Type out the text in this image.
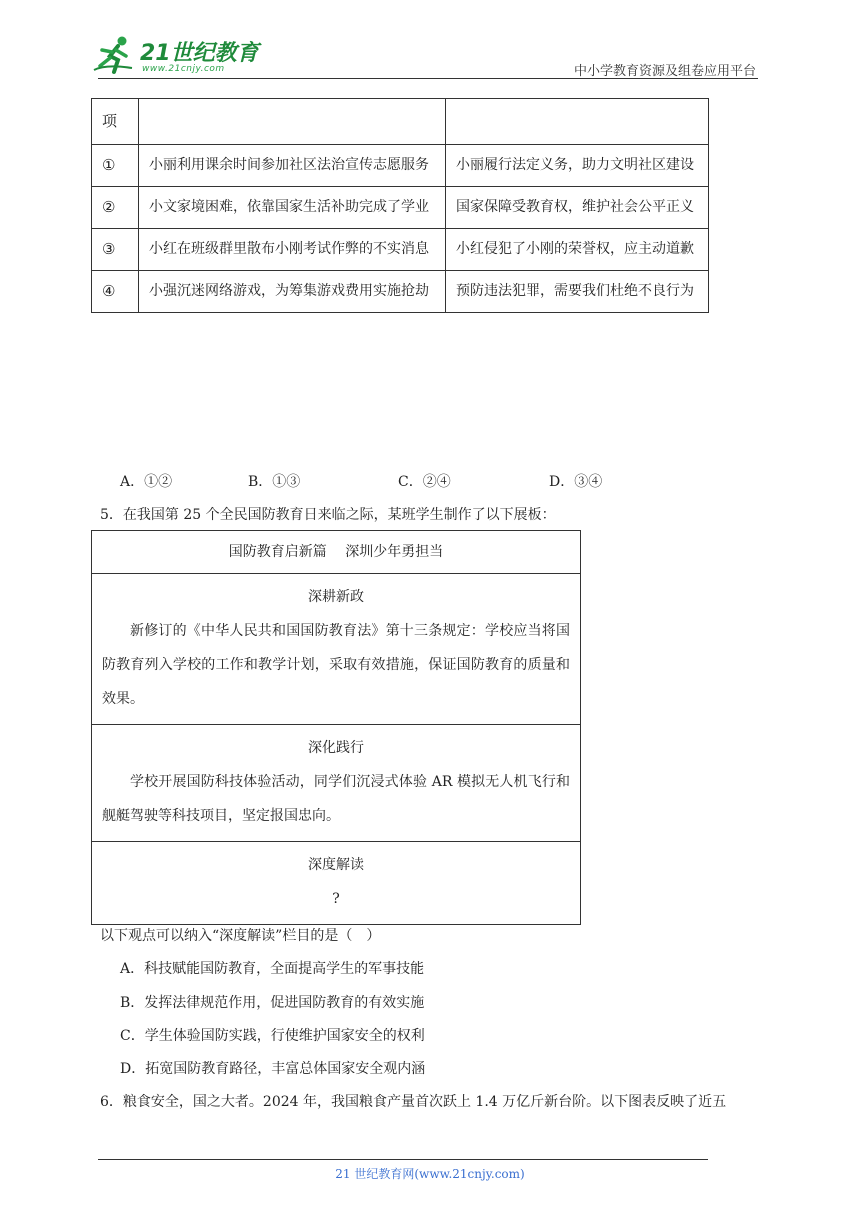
21世纪教育
www.21cnjy.com	中小学教育资源及组卷应用平台
项		
①	小丽利用课余时间参加社区法治宣传志愿服务	小丽履行法定义务，助力文明社区建设
②	小文家境困难，依靠国家生活补助完成了学业	国家保障受教育权，维护社会公平正义
③	小红在班级群里散布小刚考试作弊的不实消息	小红侵犯了小刚的荣誉权，应主动道歉
④	小强沉迷网络游戏，为筹集游戏费用实施抢劫	预防违法犯罪，需要我们杜绝不良行为
A．①②	B．①③	C．②④	D．③④
5．在我国第 25 个全民国防教育日来临之际，某班学生制作了以下展板：
国防教育启新篇　 深圳少年勇担当

深耕新政
新修订的《中华人民共和国国防教育法》第十三条规定：学校应当将国防教育列入学校的工作和教学计划，采取有效措施，保证国防教育的质量和效果。

深化践行
学校开展国防科技体验活动，同学们沉浸式体验 AR 模拟无人机飞行和舰艇驾驶等科技项目，坚定报国忠向。

深度解读
?
以下观点可以纳入“深度解读”栏目的是（　）
A．科技赋能国防教育，全面提高学生的军事技能
B．发挥法律规范作用，促进国防教育的有效实施
C．学生体验国防实践，行使维护国家安全的权利
D．拓宽国防教育路径，丰富总体国家安全观内涵
6．粮食安全，国之大者。2024 年，我国粮食产量首次跃上 1.4 万亿斤新台阶。以下图表反映了近五
21 世纪教育网(www.21cnjy.com)
